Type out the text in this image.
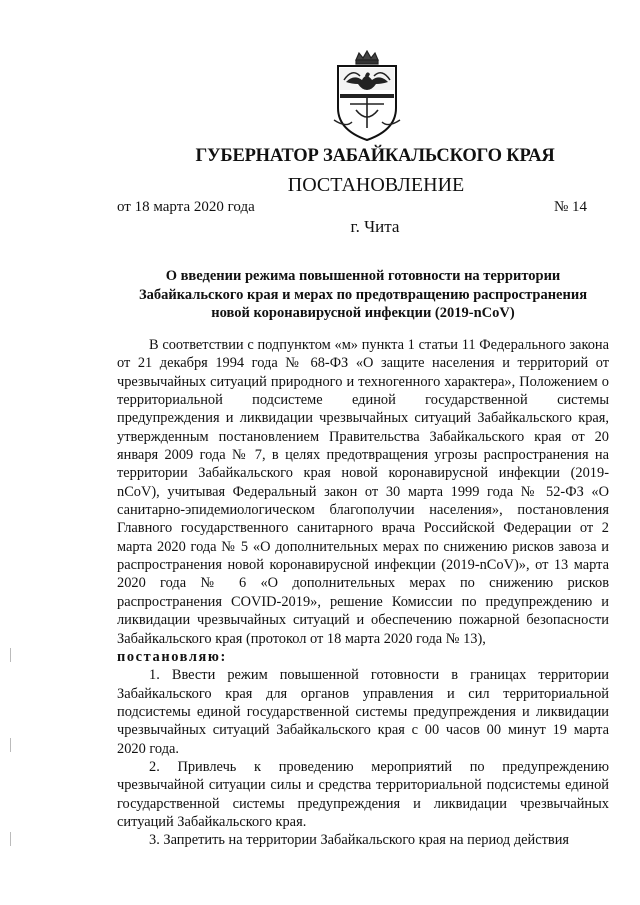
ГУБЕРНАТОР ЗАБАЙКАЛЬСКОГО КРАЯ
ПОСТАНОВЛЕНИЕ
от 18 марта 2020 года	№ 14
г. Чита
О введении режима повышенной готовности на территории
Забайкальского края и мерах по предотвращению распространения
новой коронавирусной инфекции (2019-nCoV)

В соответствии с подпунктом «м» пункта 1 статьи 11 Федерального закона от 21 декабря 1994 года № 68-ФЗ «О защите населения и территорий от чрезвычайных ситуаций природного и техногенного характера», Положением о территориальной подсистеме единой государственной системы предупреждения и ликвидации чрезвычайных ситуаций Забайкальского края, утвержденным постановлением Правительства Забайкальского края от 20 января 2009 года № 7, в целях предотвращения угрозы распространения на территории Забайкальского края новой коронавирусной инфекции (2019-nCoV), учитывая Федеральный закон от 30 марта 1999 года № 52-ФЗ «О санитарно-эпидемиологическом благополучии населения», постановления Главного государственного санитарного врача Российской Федерации от 2 марта 2020 года № 5 «О дополнительных мерах по снижению рисков завоза и распространения новой коронавирусной инфекции (2019-nCoV)», от 13 марта 2020 года № 6 «О дополнительных мерах по снижению рисков распространения COVID-2019», решение Комиссии по предупреждению и ликвидации чрезвычайных ситуаций и обеспечению пожарной безопасности Забайкальского края (протокол от 18 марта 2020 года № 13),

постановляю:

1. Ввести режим повышенной готовности в границах территории Забайкальского края для органов управления и сил территориальной подсистемы единой государственной системы предупреждения и ликвидации чрезвычайных ситуаций Забайкальского края с 00 часов 00 минут 19 марта 2020 года.

2. Привлечь к проведению мероприятий по предупреждению чрезвычайной ситуации силы и средства территориальной подсистемы единой государственной системы предупреждения и ликвидации чрезвычайных ситуаций Забайкальского края.

3. Запретить на территории Забайкальского края на период действия
